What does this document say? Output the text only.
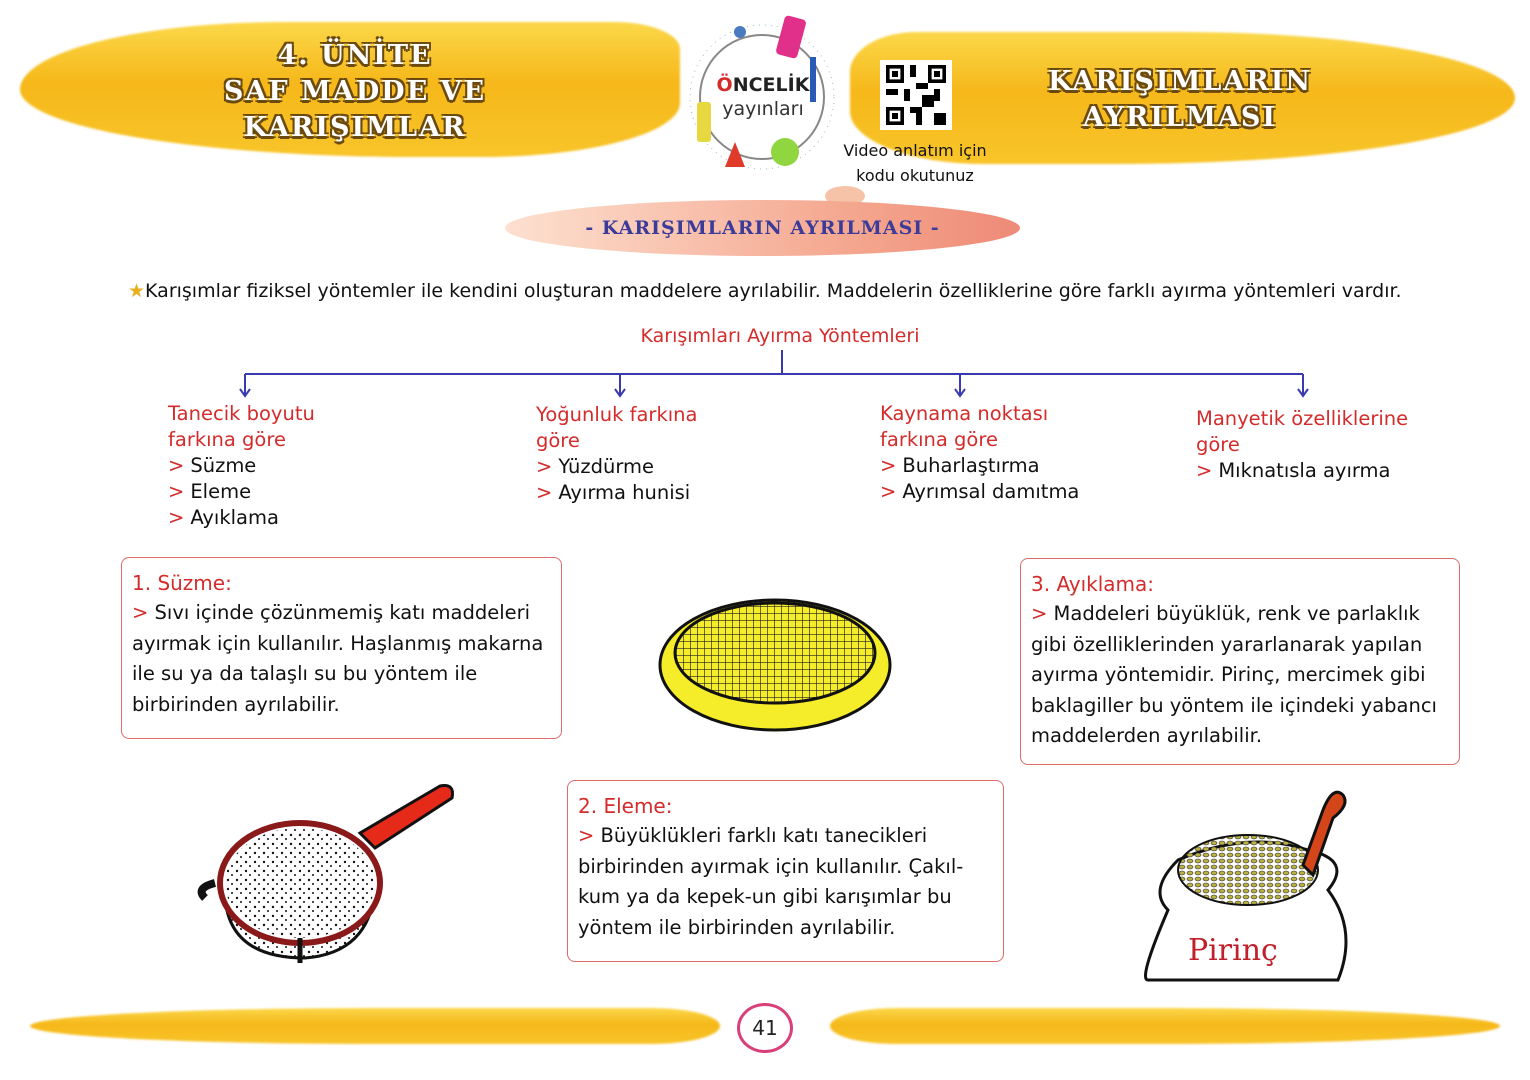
4. ÜNİTE
SAF MADDE VE
KARIŞIMLAR
KARIŞIMLARIN
AYRILMASI
ÖNCELİK
yayınları
Video anlatım için
kodu okutunuz
- KARIŞIMLARIN AYRILMASI -
★Karışımlar fiziksel yöntemler ile kendini oluşturan maddelere ayrılabilir. Maddelerin özelliklerine göre farklı ayırma yöntemleri vardır.
Karışımları Ayırma Yöntemleri
Tanecik boyutu
farkına göre
> Süzme
> Eleme
> Ayıklama
Yoğunluk farkına
göre
> Yüzdürme
> Ayırma hunisi
Kaynama noktası
farkına göre
> Buharlaştırma
> Ayrımsal damıtma
Manyetik özelliklerine
göre
> Mıknatısla ayırma
1. Süzme:
> Sıvı içinde çözünmemiş katı maddeleri
ayırmak için kullanılır. Haşlanmış makarna
ile su ya da talaşlı su bu yöntem ile
birbirinden ayrılabilir.
2. Eleme:
> Büyüklükleri farklı katı tanecikleri
birbirinden ayırmak için kullanılır. Çakıl-
kum ya da kepek-un gibi karışımlar bu
yöntem ile birbirinden ayrılabilir.
3. Ayıklama:
> Maddeleri büyüklük, renk ve parlaklık
gibi özelliklerinden yararlanarak yapılan
ayırma yöntemidir. Pirinç, mercimek gibi
baklagiller bu yöntem ile içindeki yabancı
maddelerden ayrılabilir.
Pirinç
41
